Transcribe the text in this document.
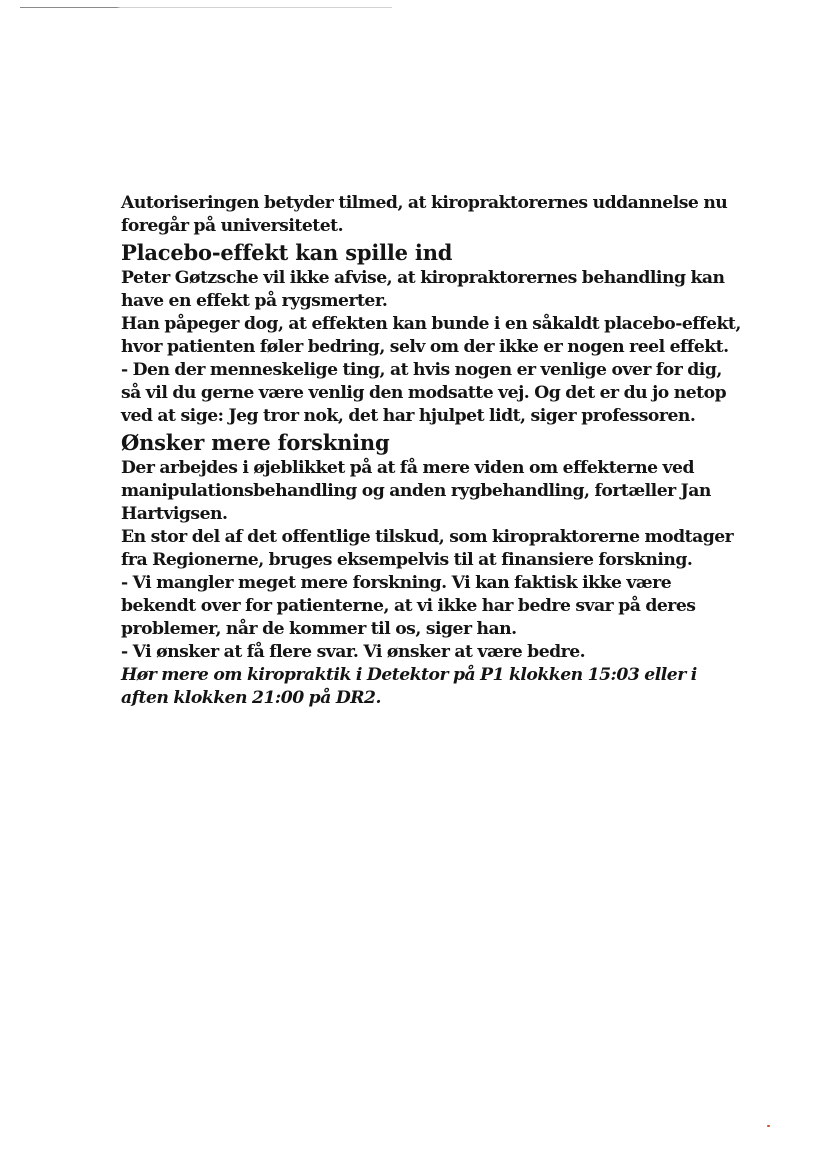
Autoriseringen betyder tilmed, at kiropraktorernes uddannelse nu foregår på universitetet.

Placebo-effekt kan spille ind

Peter Gøtzsche vil ikke afvise, at kiropraktorernes behandling kan have en effekt på rygsmerter.

Han påpeger dog, at effekten kan bunde i en såkaldt placebo-effekt, hvor patienten føler bedring, selv om der ikke er nogen reel effekt.

- Den der menneskelige ting, at hvis nogen er venlige over for dig, så vil du gerne være venlig den modsatte vej. Og det er du jo netop ved at sige: Jeg tror nok, det har hjulpet lidt, siger professoren.

Ønsker mere forskning

Der arbejdes i øjeblikket på at få mere viden om effekterne ved manipulationsbehandling og anden rygbehandling, fortæller Jan Hartvigsen.

En stor del af det offentlige tilskud, som kiropraktorerne modtager fra Regionerne, bruges eksempelvis til at finansiere forskning.

- Vi mangler meget mere forskning. Vi kan faktisk ikke være bekendt over for patienterne, at vi ikke har bedre svar på deres problemer, når de kommer til os, siger han.

- Vi ønsker at få flere svar. Vi ønsker at være bedre.

Hør mere om kiropraktik i Detektor på P1 klokken 15:03 eller i aften klokken 21:00 på DR2.
